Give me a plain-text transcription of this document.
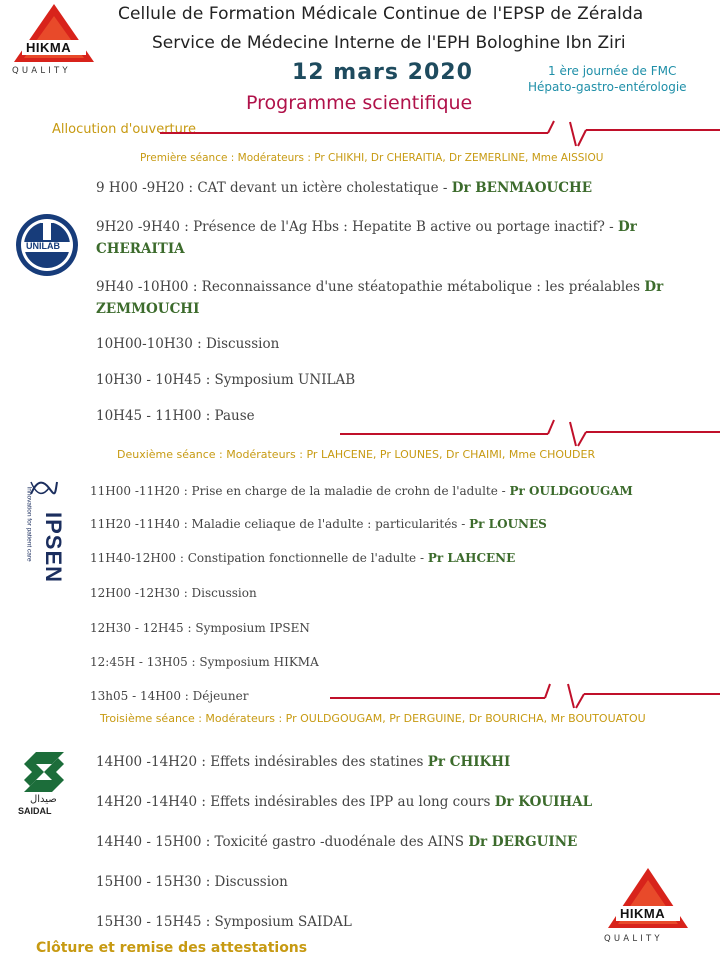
HIKMA
QUALITY
Cellule de Formation Médicale Continue de l'EPSP de Zéralda
Service de Médecine Interne de l'EPH Bologhine Ibn Ziri
12 mars 2020
Programme scientifique
1 ère journée de FMC
Hépato-gastro-entérologie
Allocution d'ouverture
Première séance : Modérateurs : Pr CHIKHI, Dr CHERAITIA, Dr ZEMERLINE, Mme AISSIOU
9 H00 -9H20 : CAT devant un ictère cholestatique - Dr BENMAOUCHE
9H20 -9H40 : Présence de l'Ag Hbs : Hepatite B active ou portage inactif? - Dr
CHERAITIA
9H40 -10H00 : Reconnaissance d'une stéatopathie métabolique : les préalables Dr
ZEMMOUCHI
10H00-10H30 : Discussion
10H30 - 10H45 : Symposium UNILAB
10H45 - 11H00 : Pause
UNILAB
Deuxième séance : Modérateurs : Pr LAHCENE, Pr LOUNES, Dr CHAIMI, Mme CHOUDER
11H00 -11H20 : Prise en charge de la maladie de crohn de l'adulte - Pr OULDGOUGAM
11H20 -11H40 : Maladie celiaque de l'adulte : particularités - Pr LOUNES
11H40-12H00 : Constipation fonctionnelle de l'adulte - Pr LAHCENE
12H00 -12H30 : Discussion
12H30 - 12H45 : Symposium IPSEN
12:45H - 13H05 : Symposium HIKMA
13h05 - 14H00 : Déjeuner
IPSEN
Innovation for patient care
Troisième séance : Modérateurs : Pr OULDGOUGAM, Pr DERGUINE, Dr BOURICHA, Mr BOUTOUATOU
14H00 -14H20 : Effets indésirables des statines Pr CHIKHI
14H20 -14H40 : Effets indésirables des IPP au long cours Dr KOUIHAL
14H40 - 15H00 : Toxicité gastro -duodénale des AINS Dr DERGUINE
15H00 - 15H30 : Discussion
15H30 - 15H45 : Symposium SAIDAL
صيدال
SAIDAL
HIKMA
QUALITY
Clôture et remise des attestations
